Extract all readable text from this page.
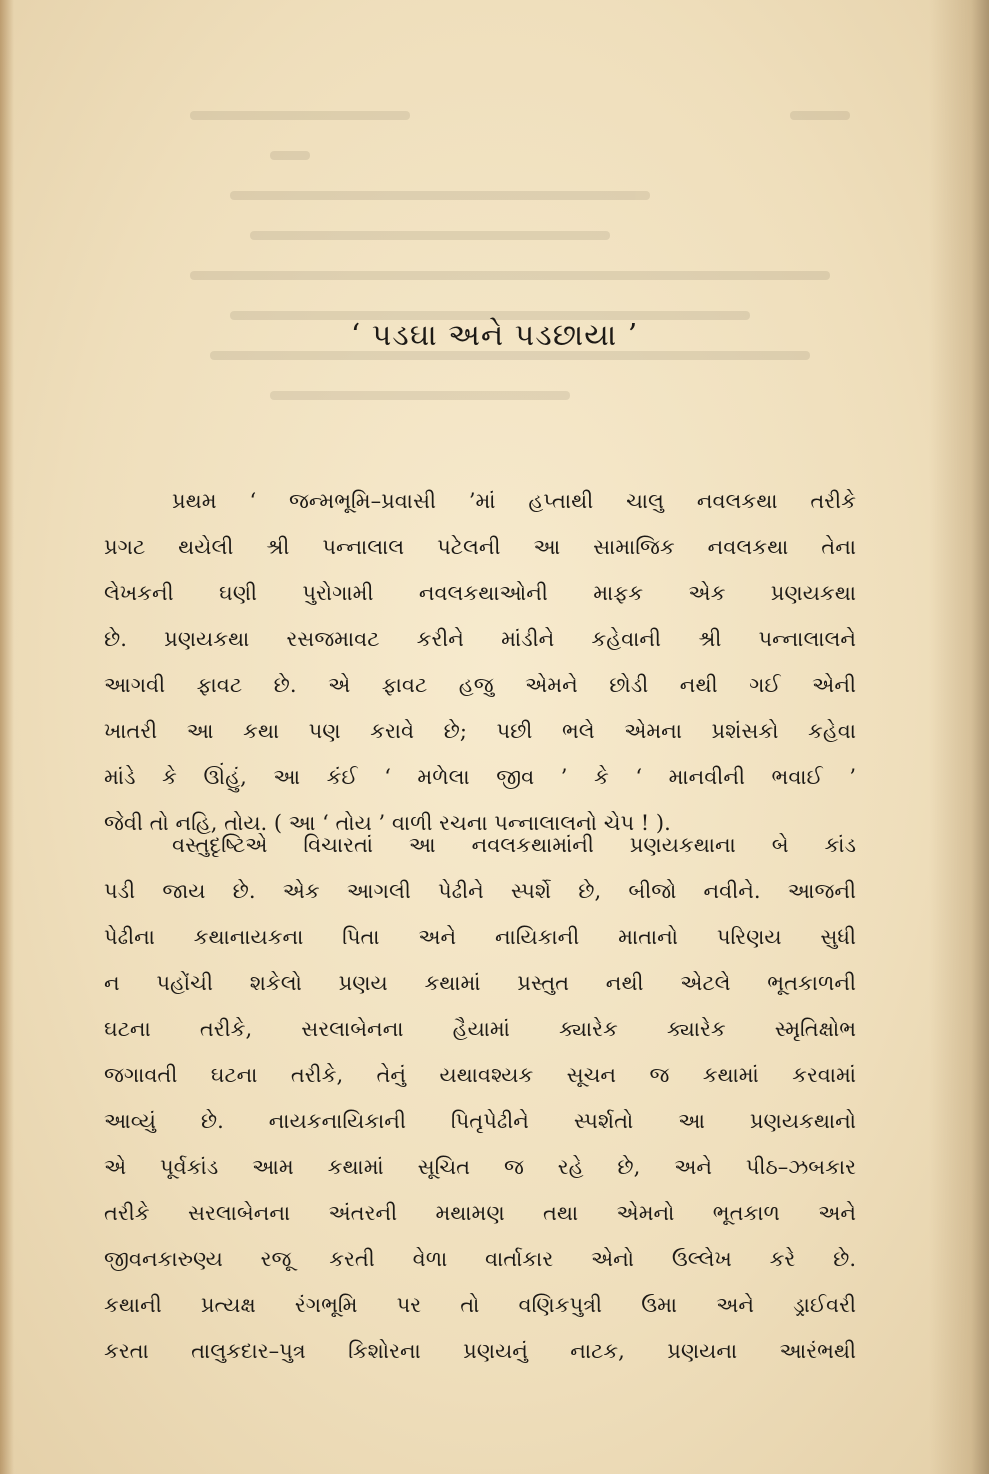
‘ પડઘા અને પડછાયા ’
પ્રથમ ‘ જન્મભૂમિ–પ્રવાસી ’માં હપ્તાથી ચાલુ નવલકથા તરીકે
પ્રગટ થયેલી શ્રી પન્નાલાલ પટેલની આ સામાજિક નવલકથા તેના
લેખકની ઘણી પુરોગામી નવલકથાઓની માફક એક પ્રણયકથા
છે. પ્રણયકથા રસજમાવટ કરીને માંડીને કહેવાની શ્રી પન્નાલાલને
આગવી ફાવટ છે. એ ફાવટ હજુ એમને છોડી નથી ગઈ એની
ખાતરી આ કથા પણ કરાવે છે; પછી ભલે એમના પ્રશંસકો કહેવા
માંડે કે ઊંહું, આ કંઈ ‘ મળેલા જીવ ’ કે ‘ માનવીની ભવાઈ ’
જેવી તો નહિ, તોય. ( આ ‘ તોય ’ વાળી રચના પન્નાલાલનો ચેપ ! ).
વસ્તુદૃષ્ટિએ વિચારતાં આ નવલકથામાંની પ્રણયકથાના બે કાંડ
પડી જાય છે. એક આગલી પેઢીને સ્પર્શે છે, બીજો નવીને. આજની
પેઢીના કથાનાયકના પિતા અને નાયિકાની માતાનો પરિણય સુધી
ન પહોંચી શકેલો પ્રણય કથામાં પ્રસ્તુત નથી એટલે ભૂતકાળની
ઘટના તરીકે, સરલાબેનના હૈયામાં ક્યારેક ક્યારેક સ્મૃતિક્ષોભ
જગાવતી ઘટના તરીકે, તેનું યથાવશ્યક સૂચન જ કથામાં કરવામાં
આવ્યું છે. નાયકનાયિકાની પિતૃપેઢીને સ્પર્શતો આ પ્રણયકથાનો
એ પૂર્વકાંડ આમ કથામાં સૂચિત જ રહે છે, અને પીઠ–ઝબકાર
તરીકે સરલાબેનના અંતરની મથામણ તથા એમનો ભૂતકાળ અને
જીવનકારુણ્ય રજૂ કરતી વેળા વાર્તાકાર એનો ઉલ્લેખ કરે છે.
કથાની પ્રત્યક્ષ રંગભૂમિ પર તો વણિકપુત્રી ઉમા અને ડ્રાઈવરી
કરતા તાલુકદાર–પુત્ર કિશોરના પ્રણયનું નાટક, પ્રણયના આરંભથી
